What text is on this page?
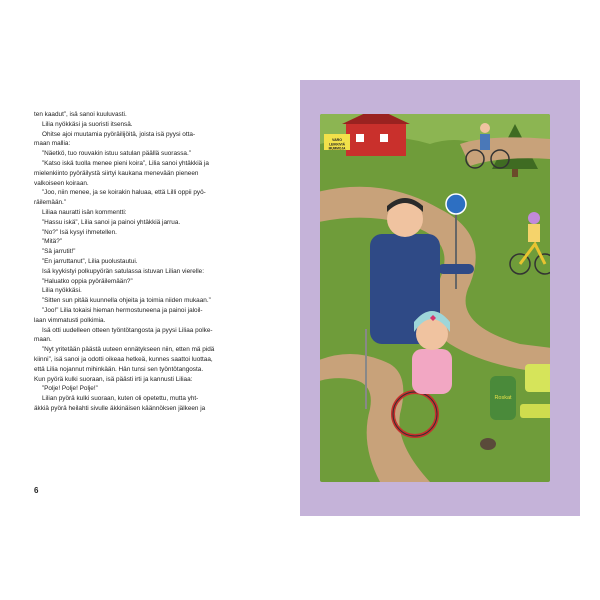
ten kaadut”, isä sanoi kuuluvasti.

Lilia nyökkäsi ja suoristi itsensä.

Ohitse ajoi muutamia pyöräilijöitä, joista isä pyysi otta-

maan mallia:

”Näetkö, tuo rouvakin istuu satulan päällä suorassa.”

”Katso iskä tuolla menee pieni koira”, Lilia sanoi yhtäkkiä ja

mielenkiinto pyöräilystä siirtyi kaukana menevään pieneen

valkoiseen koiraan.

”Joo, niin menee, ja se koirakin haluaa, että Lilli oppii pyö-

räilemään.”

Liliaa nauratti isän kommentti:

”Hassu iskä”, Lilia sanoi ja painoi yhtäkkiä jarrua.

”No?” Isä kysyi ihmetellen.

”Mitä?”

”Sä jarrutit!”

”En jarruttanut”, Lilia puolustautui.

Isä kyykistyi polkupyörän satulassa istuvan Lilian vierelle:

”Haluatko oppia pyöräilemään?”

Lilia nyökkäsi.

”Sitten sun pitää kuunnella ohjeita ja toimia niiden mukaan.”

”Joo!” Lilia tokaisi hieman hermostuneena ja painoi jaloil-

laan vimmatusti polkimia.

Isä otti uudelleen otteen työntötangosta ja pyysi Liliaa polke-

maan.

”Nyt yritetään päästä uuteen ennätykseen niin, etten mä pidä

kiinni”, isä sanoi ja odotti oikeaa hetkeä, kunnes saattoi luottaa,

että Lilia nojannut mihinkään. Hän tunsi sen työntötangosta.

Kun pyörä kulki suoraan, isä päästi irti ja kannusti Liliaa:

”Polje! Polje! Polje!”

Lilian pyörä kulki suoraan, kuten oli opetettu, mutta yht-

äkkiä pyörä heilahti sivulle äkkinäisen käännöksen jälkeen ja

6
VARO
LEIKKIVIÄ
MUMMOJA
Roskat
